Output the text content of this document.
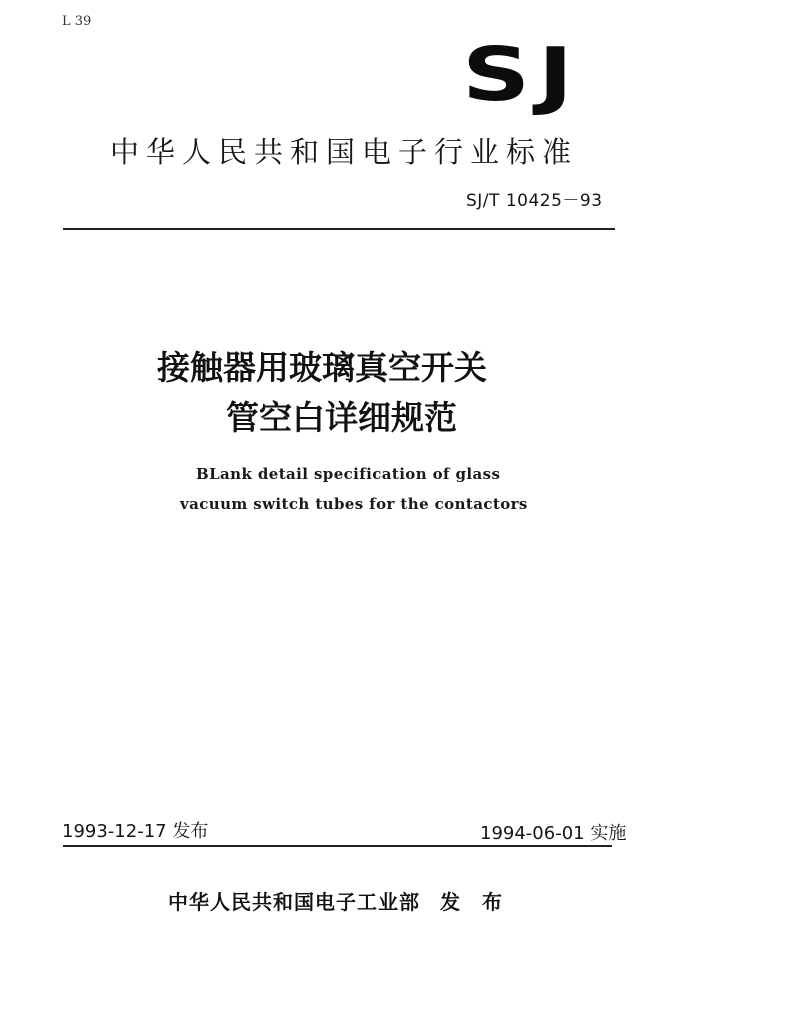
L 39
SJ
中华人民共和国电子行业标准
SJ/T 10425－93
接触器用玻璃真空开关
管空白详细规范
BLank detail specification of glass
vacuum switch tubes for the contactors
1993-12-17 发布	1994-06-01 实施
中华人民共和国电子工业部 发布
